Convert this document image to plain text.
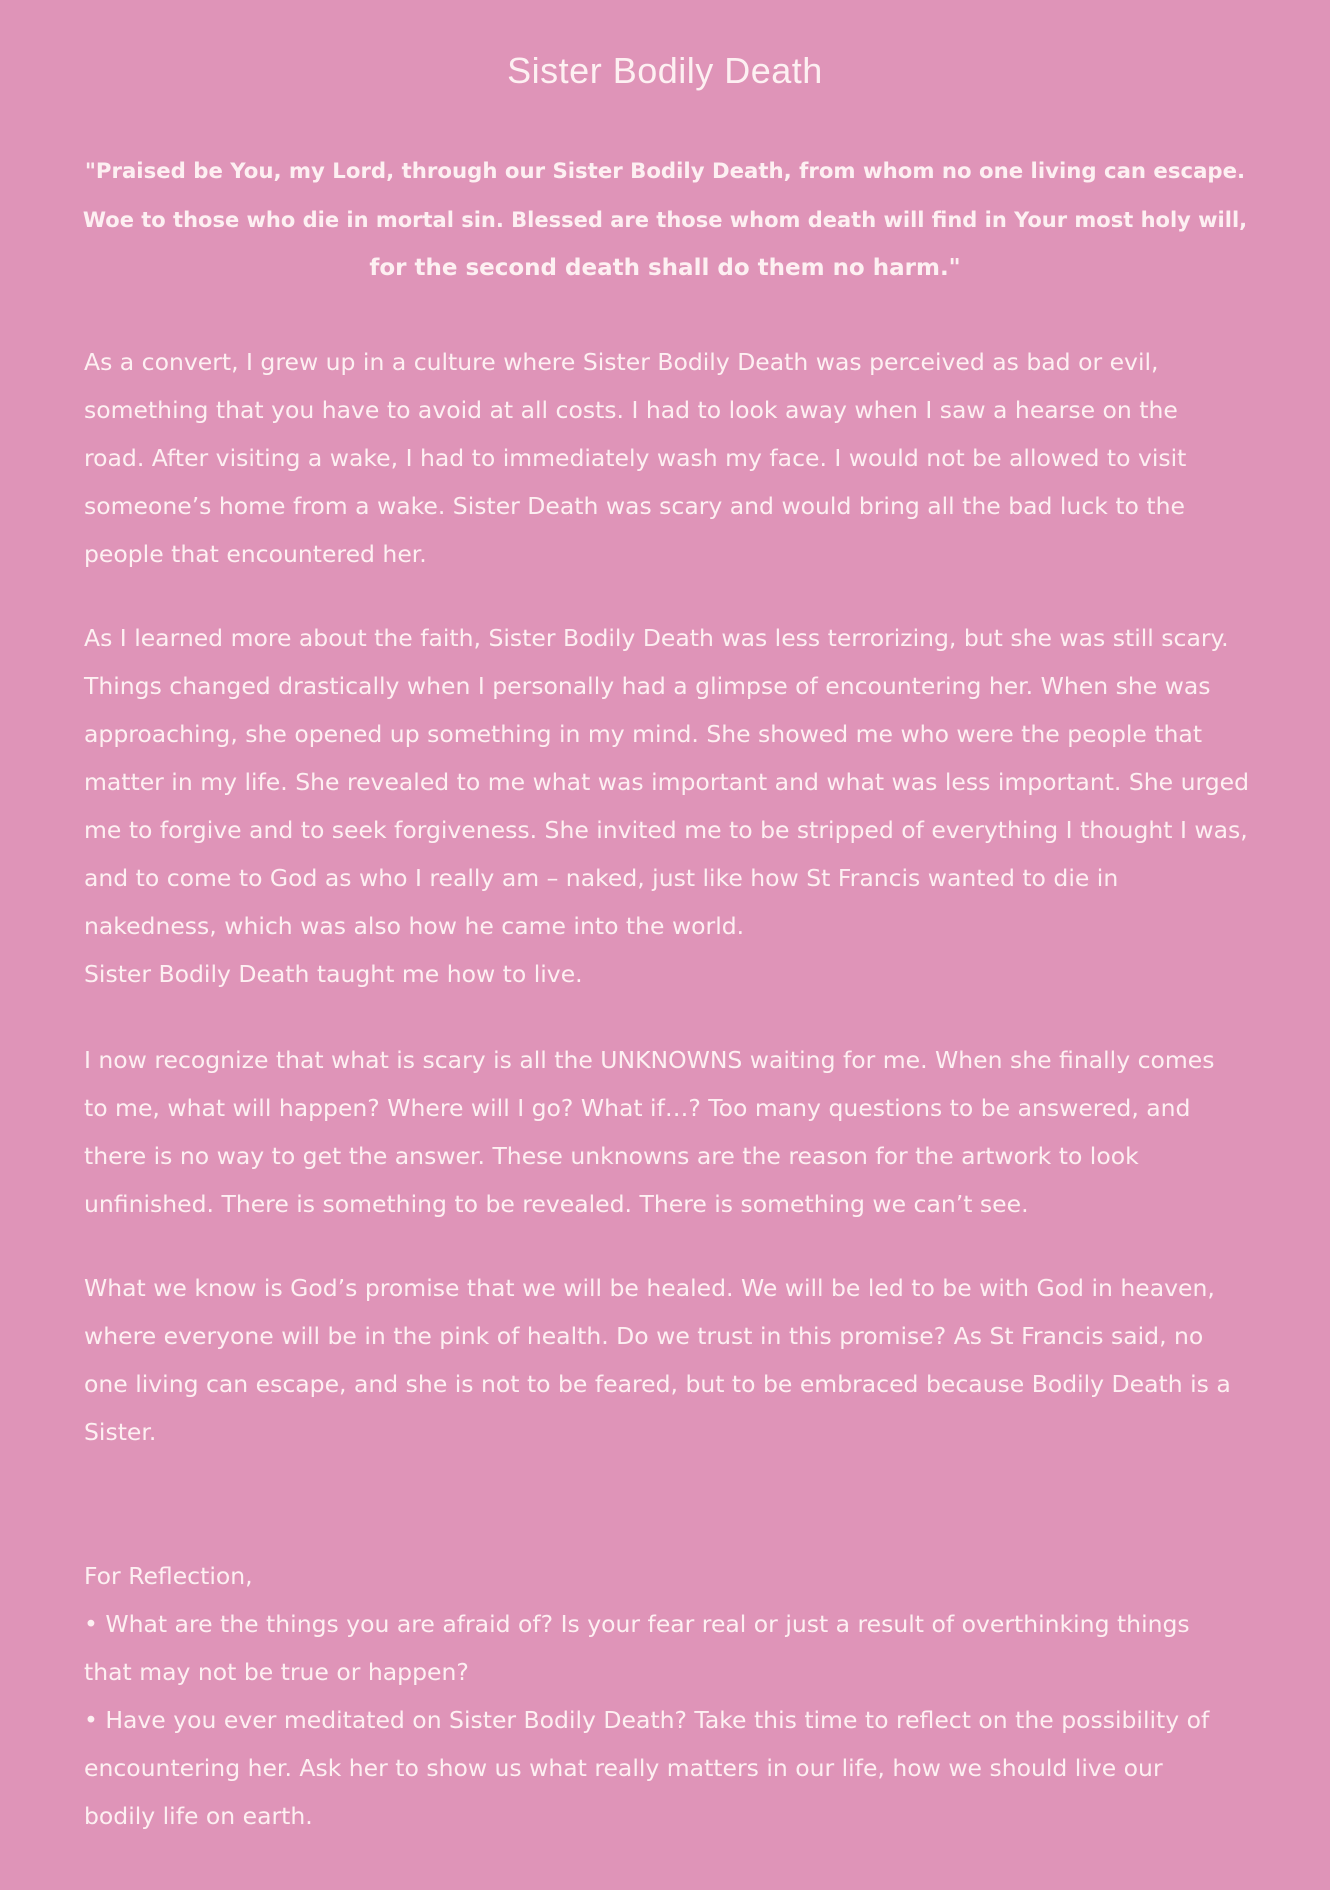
Sister Bodily Death

"Praised be You, my Lord, through our Sister Bodily Death, from whom no one living can escape.
Woe to those who die in mortal sin. Blessed are those whom death will find in Your most holy will,
for the second death shall do them no harm."

As a convert, I grew up in a culture where Sister Bodily Death was perceived as bad or evil,
something that you have to avoid at all costs. I had to look away when I saw a hearse on the
road. After visiting a wake, I had to immediately wash my face. I would not be allowed to visit
someone’s home from a wake. Sister Death was scary and would bring all the bad luck to the
people that encountered her.

As I learned more about the faith, Sister Bodily Death was less terrorizing, but she was still scary.
Things changed drastically when I personally had a glimpse of encountering her. When she was
approaching, she opened up something in my mind. She showed me who were the people that
matter in my life. She revealed to me what was important and what was less important. She urged
me to forgive and to seek forgiveness. She invited me to be stripped of everything I thought I was,
and to come to God as who I really am – naked, just like how St Francis wanted to die in
nakedness, which was also how he came into the world.
Sister Bodily Death taught me how to live.

I now recognize that what is scary is all the UNKNOWNS waiting for me. When she finally comes
to me, what will happen? Where will I go? What if…? Too many questions to be answered, and
there is no way to get the answer. These unknowns are the reason for the artwork to look
unfinished. There is something to be revealed. There is something we can’t see.

What we know is God’s promise that we will be healed. We will be led to be with God in heaven,
where everyone will be in the pink of health. Do we trust in this promise? As St Francis said, no
one living can escape, and she is not to be feared, but to be embraced because Bodily Death is a
Sister.

For Reflection,
• What are the things you are afraid of? Is your fear real or just a result of overthinking things
that may not be true or happen?
• Have you ever meditated on Sister Bodily Death? Take this time to reflect on the possibility of
encountering her. Ask her to show us what really matters in our life, how we should live our
bodily life on earth.
